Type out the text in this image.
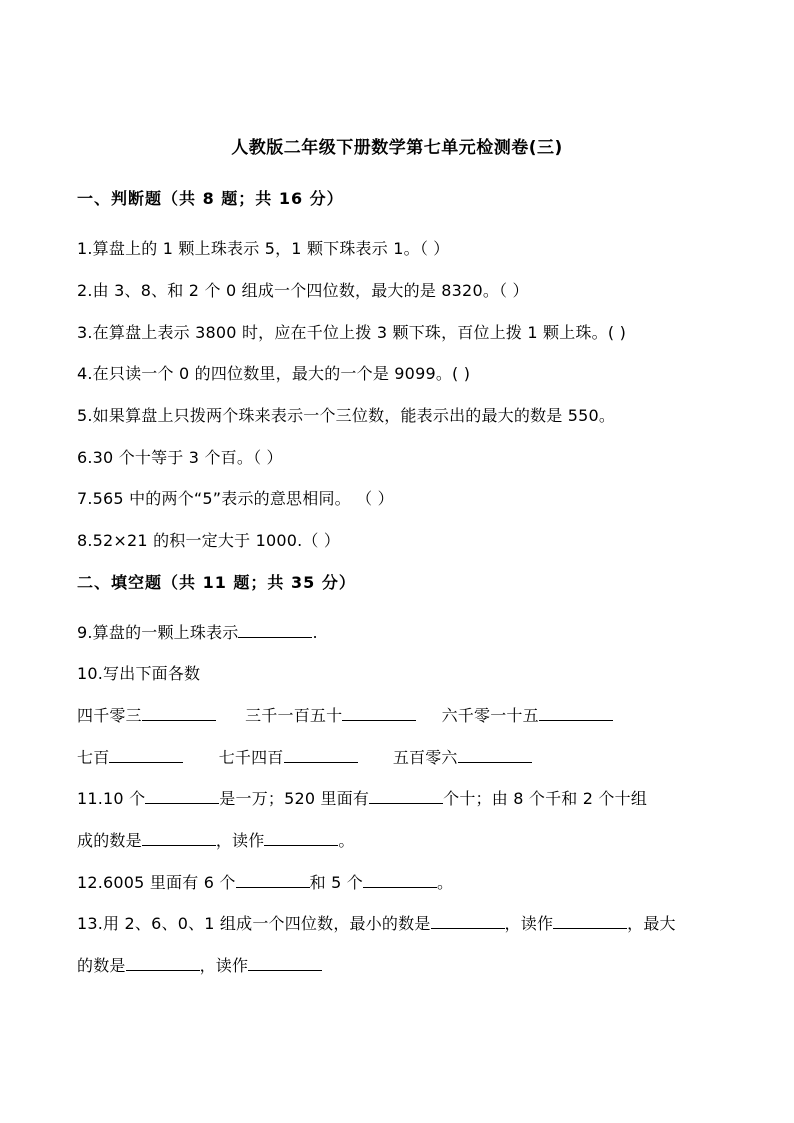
人教版二年级下册数学第七单元检测卷(三)
一、判断题（共 8 题；共 16 分）
1.算盘上的 1 颗上珠表示 5，1 颗下珠表示 1。（ ）
2.由 3、8、和 2 个 0 组成一个四位数，最大的是 8320。（ ）
3.在算盘上表示 3800 时，应在千位上拨 3 颗下珠，百位上拨 1 颗上珠。( )
4.在只读一个 0 的四位数里，最大的一个是 9099。( )
5.如果算盘上只拨两个珠来表示一个三位数，能表示出的最大的数是 550。
6.30 个十等于 3 个百。（ ）
7.565 中的两个“5”表示的意思相同。 （ ）
8.52×21 的积一定大于 1000.（ ）
二、填空题（共 11 题；共 35 分）
9.算盘的一颗上珠表示	.
10.写出下面各数
四千零三	三千一百五十	六千零一十五
七百	七千四百	五百零六
11.10 个	是一万；520 里面有	个十；由 8 个千和 2 个十组
成的数是	，读作	。
12.6005 里面有 6 个	和 5 个	。
13.用 2、6、0、1 组成一个四位数，最小的数是	，读作	，最大
的数是	，读作
